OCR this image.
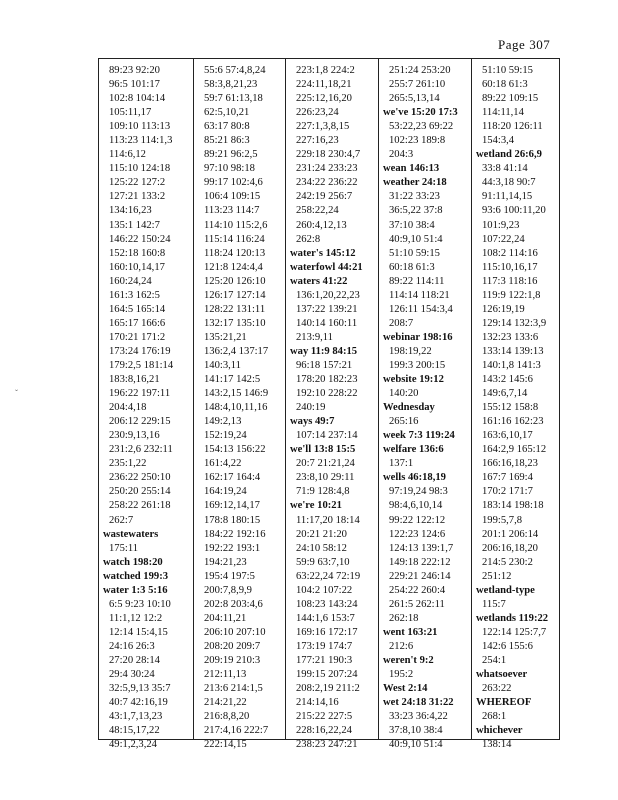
Page 307
ˇ
89:23 92:20
96:5 101:17
102:8 104:14
105:11,17
109:10 113:13
113:23 114:1,3
114:6,12
115:10 124:18
125:22 127:2
127:21 133:2
134:16,23
135:1 142:7
146:22 150:24
152:18 160:8
160:10,14,17
160:24,24
161:3 162:5
164:5 165:14
165:17 166:6
170:21 171:2
173:24 176:19
179:2,5 181:14
183:8,16,21
196:22 197:11
204:4,18
206:12 229:15
230:9,13,16
231:2,6 232:11
235:1,22
236:22 250:10
250:20 255:14
258:22 261:18
262:7
wastewaters
175:11
watch 198:20
watched 199:3
water 1:3 5:16
6:5 9:23 10:10
11:1,12 12:2
12:14 15:4,15
24:16 26:3
27:20 28:14
29:4 30:24
32:5,9,13 35:7
40:7 42:16,19
43:1,7,13,23
48:15,17,22
49:1,2,3,24
55:6 57:4,8,24
58:3,8,21,23
59:7 61:13,18
62:5,10,21
63:17 80:8
85:21 86:3
89:21 96:2,5
97:10 98:18
99:17 102:4,6
106:4 109:15
113:23 114:7
114:10 115:2,6
115:14 116:24
118:24 120:13
121:8 124:4,4
125:20 126:10
126:17 127:14
128:22 131:11
132:17 135:10
135:21,21
136:2,4 137:17
140:3,11
141:17 142:5
143:2,15 146:9
148:4,10,11,16
149:2,13
152:19,24
154:13 156:22
161:4,22
162:17 164:4
164:19,24
169:12,14,17
178:8 180:15
184:22 192:16
192:22 193:1
194:21,23
195:4 197:5
200:7,8,9,9
202:8 203:4,6
204:11,21
206:10 207:10
208:20 209:7
209:19 210:3
212:11,13
213:6 214:1,5
214:21,22
216:8,8,20
217:4,16 222:7
222:14,15
223:1,8 224:2
224:11,18,21
225:12,16,20
226:23,24
227:1,3,8,15
227:16,23
229:18 230:4,7
231:24 233:23
234:22 236:22
242:19 256:7
258:22,24
260:4,12,13
262:8
water's 145:12
waterfowl 44:21
waters 41:22
136:1,20,22,23
137:22 139:21
140:14 160:11
213:9,11
way 11:9 84:15
96:18 157:21
178:20 182:23
192:10 228:22
240:19
ways 49:7
107:14 237:14
we'll 13:8 15:5
20:7 21:21,24
23:8,10 29:11
71:9 128:4,8
we're 10:21
11:17,20 18:14
20:21 21:20
24:10 58:12
59:9 63:7,10
63:22,24 72:19
104:2 107:22
108:23 143:24
144:1,6 153:7
169:16 172:17
173:19 174:7
177:21 190:3
199:15 207:24
208:2,19 211:2
214:14,16
215:22 227:5
228:16,22,24
238:23 247:21
251:24 253:20
255:7 261:10
265:5,13,14
we've 15:20 17:3
53:22,23 69:22
102:23 189:8
204:3
wean 146:13
weather 24:18
31:22 33:23
36:5,22 37:8
37:10 38:4
40:9,10 51:4
51:10 59:15
60:18 61:3
89:22 114:11
114:14 118:21
126:11 154:3,4
208:7
webinar 198:16
198:19,22
199:3 200:15
website 19:12
140:20
Wednesday
265:16
week 7:3 119:24
welfare 136:6
137:1
wells 46:18,19
97:19,24 98:3
98:4,6,10,14
99:22 122:12
122:23 124:6
124:13 139:1,7
149:18 222:12
229:21 246:14
254:22 260:4
261:5 262:11
262:18
went 163:21
212:6
weren't 9:2
195:2
West 2:14
wet 24:18 31:22
33:23 36:4,22
37:8,10 38:4
40:9,10 51:4
51:10 59:15
60:18 61:3
89:22 109:15
114:11,14
118:20 126:11
154:3,4
wetland 26:6,9
33:8 41:14
44:3,18 90:7
91:11,14,15
93:6 100:11,20
101:9,23
107:22,24
108:2 114:16
115:10,16,17
117:3 118:16
119:9 122:1,8
126:19,19
129:14 132:3,9
132:23 133:6
133:14 139:13
140:1,8 141:3
143:2 145:6
149:6,7,14
155:12 158:8
161:16 162:23
163:6,10,17
164:2,9 165:12
166:16,18,23
167:7 169:4
170:2 171:7
183:14 198:18
199:5,7,8
201:1 206:14
206:16,18,20
214:5 230:2
251:12
wetland-type
115:7
wetlands 119:22
122:14 125:7,7
142:6 155:6
254:1
whatsoever
263:22
WHEREOF
268:1
whichever
138:14
